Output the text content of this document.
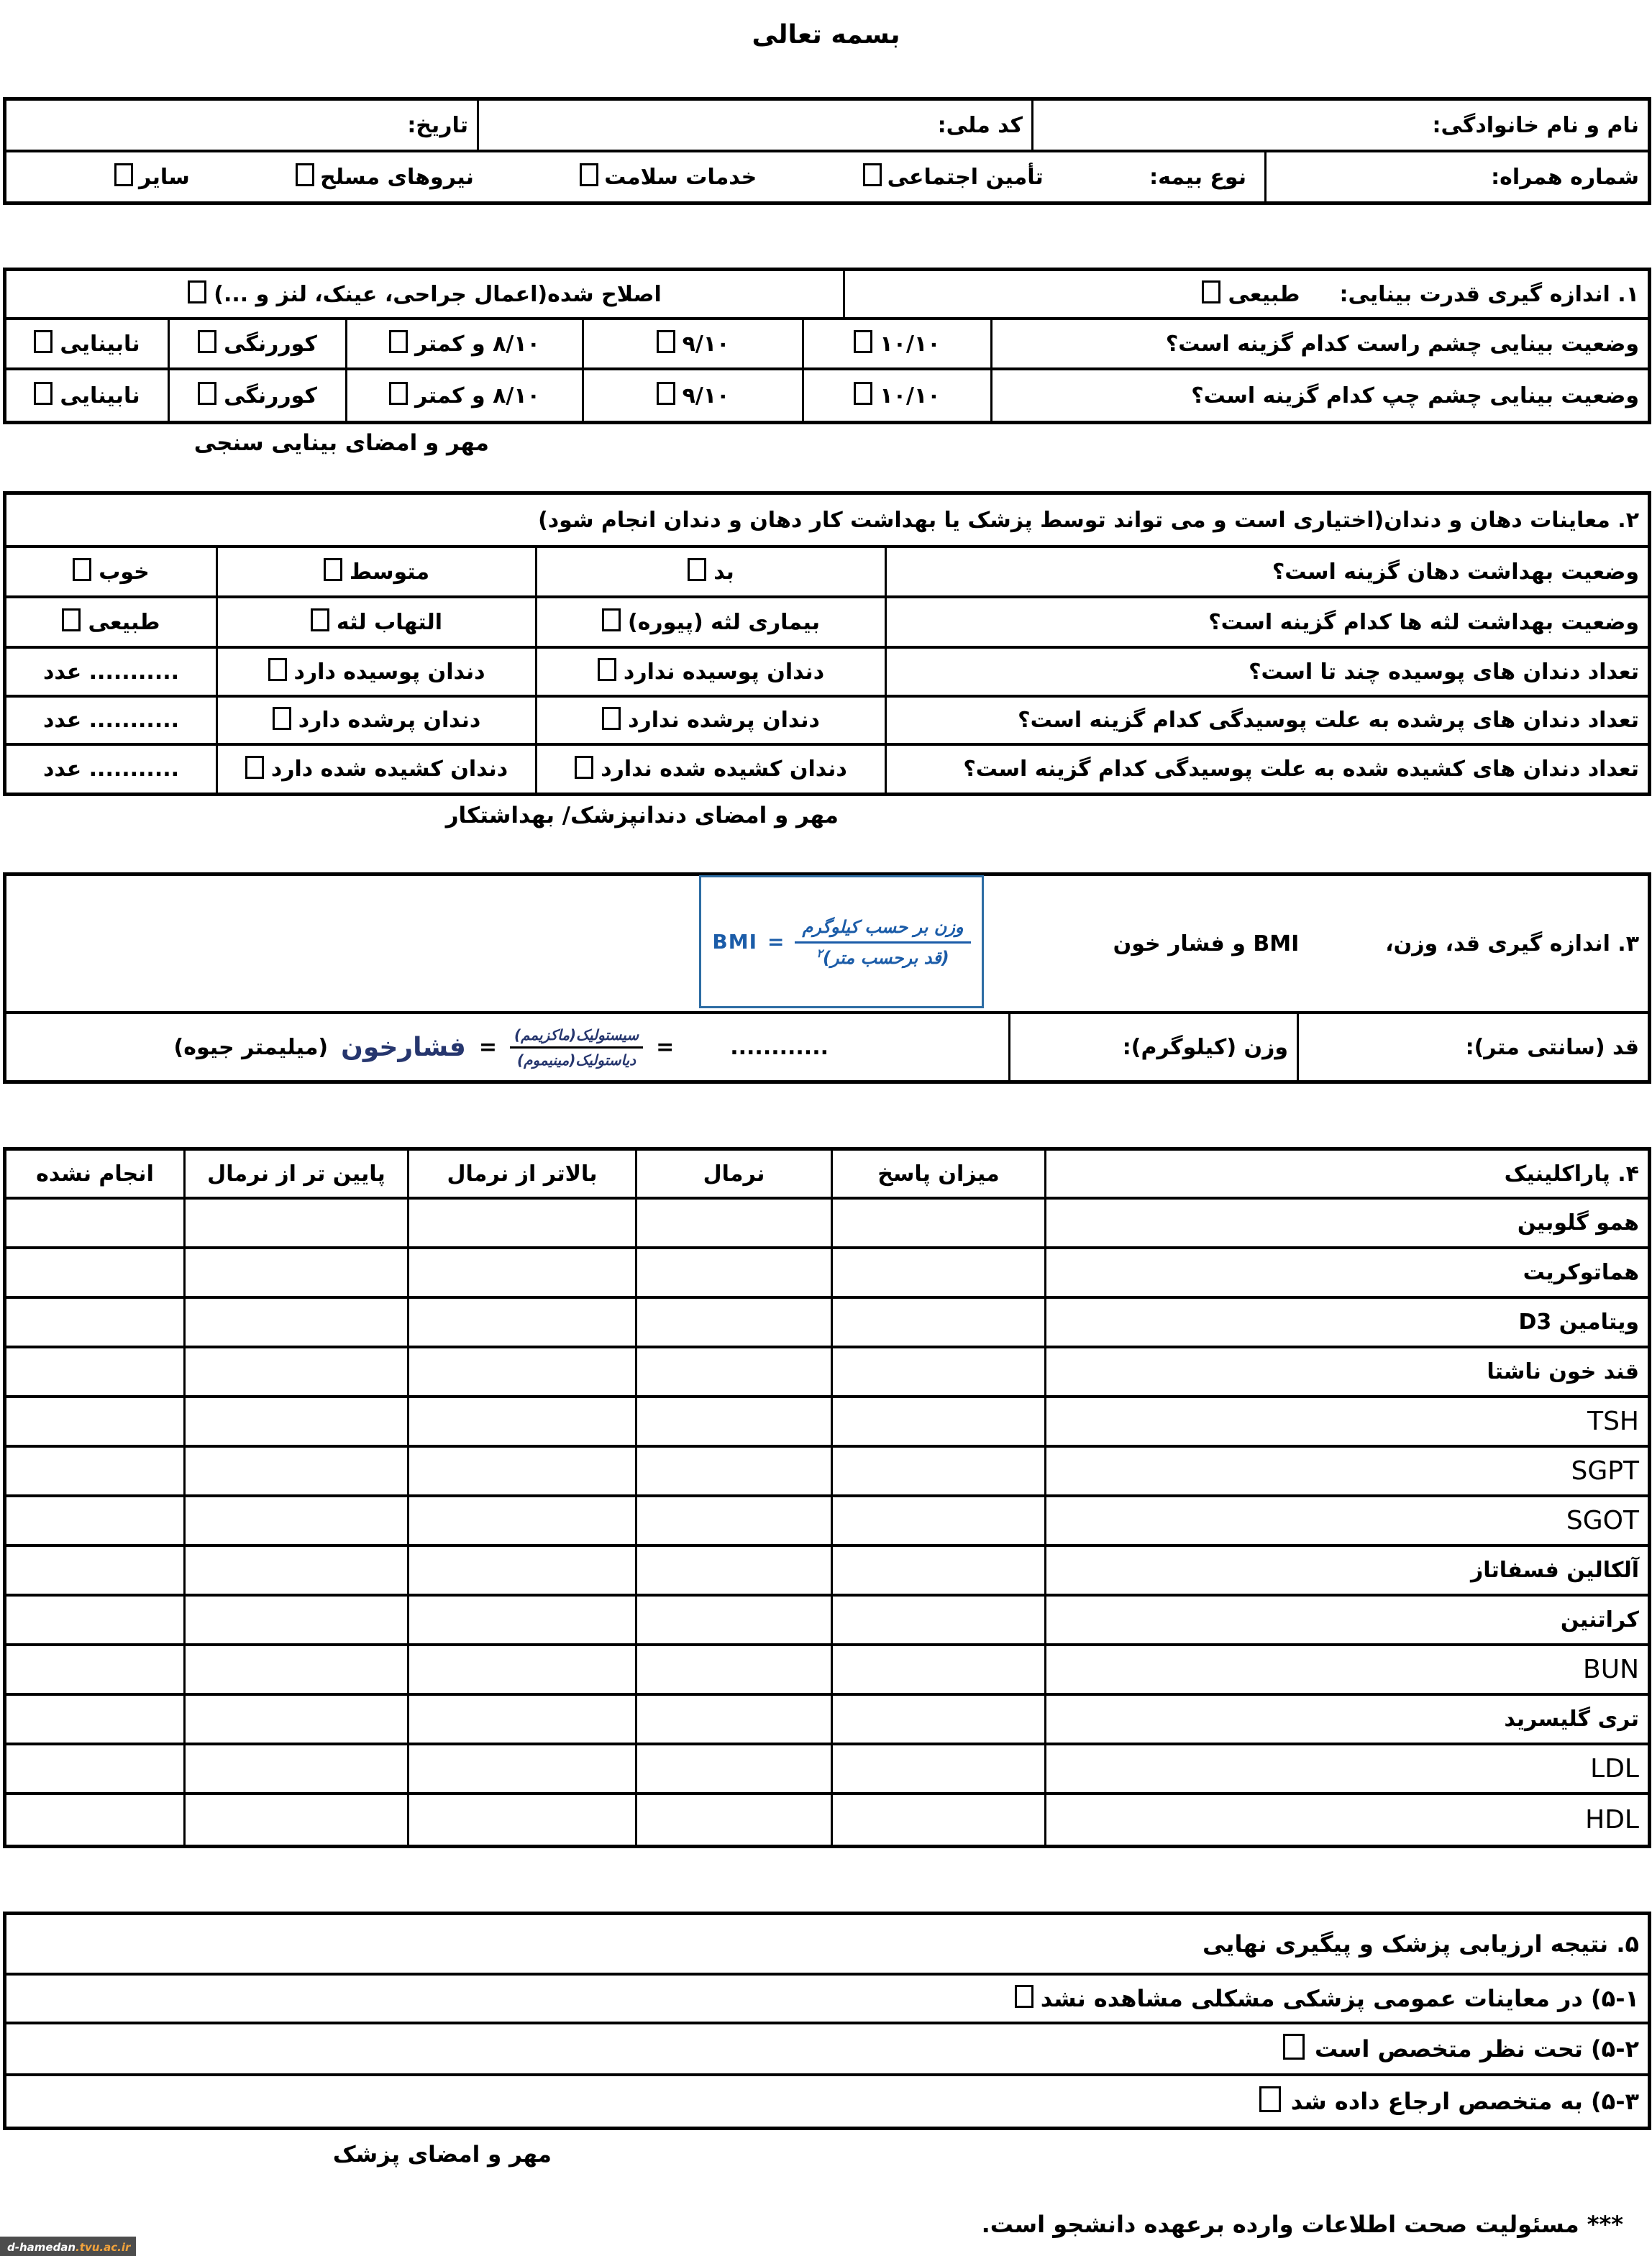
بسمه تعالی
نام و نام خانوادگی:
کد ملی:
تاریخ:
شماره همراه:
نوع بیمه:
تأمین اجتماعی
خدمات سلامت
نیروهای مسلح
سایر
۱. اندازه گیری قدرت بینایی:
طبیعی
اصلاح شده(اعمال جراحی، عینک، لنز و ...)
وضعیت بینایی چشم راست کدام گزینه است؟
۱۰/۱۰
۹/۱۰
۸/۱۰ و کمتر
کوررنگی
نابینایی
وضعیت بینایی چشم چپ کدام گزینه است؟
۱۰/۱۰
۹/۱۰
۸/۱۰ و کمتر
کوررنگی
نابینایی
مهر و امضای بینایی سنجی
۲. معاینات دهان و دندان(اختیاری است و می تواند توسط پزشک یا بهداشت کار دهان و دندان انجام شود)
وضعیت بهداشت دهان گزینه است؟
بد
متوسط
خوب
وضعیت بهداشت لثه ها کدام گزینه است؟
بیماری لثه (پیوره)
التهاب لثه
طبیعی
تعداد دندان های پوسیده چند تا است؟
دندان پوسیده ندارد
دندان پوسیده دارد
........... عدد
تعداد دندان های پرشده به علت پوسیدگی کدام گزینه است؟
دندان پرشده ندارد
دندان پرشده دارد
........... عدد
تعداد دندان های کشیده شده به علت پوسیدگی کدام گزینه است؟
دندان کشیده شده ندارد
دندان کشیده شده دارد
........... عدد
مهر و امضای دندانپزشک/ بهداشتکار
۳. اندازه گیری قد، وزن،
BMI و فشار خون
قد (سانتی متر):
وزن (کیلوگرم):
............
=
$\frac{\text{سیستولیک(ماکزیمم)}}{\text{دیاستولیک(مینیموم)}}$
=
فشارخون
(میلیمتر جیوه)
BMI = $\frac{\text{وزن بر حسب کیلوگرم}}{(قد برحسب متر)^۲}$
۴. پاراکلینیک
میزان پاسخ
نرمال
بالاتر از نرمال
پایین تر از نرمال
انجام نشده
همو گلوبین
هماتوکریت
ویتامین D3
قند خون ناشتا
TSH
SGPT
SGOT
آلکالین فسفاتاز
کراتنین
BUN
تری گلیسرید
LDL
HDL
۵. نتیجه ارزیابی پزشک و پیگیری نهایی
۵-۱) در معاینات عمومی پزشکی مشکلی مشاهده نشد
۵-۲) تحت نظر متخصص است
۵-۳) به متخصص ارجاع داده شد
مهر و امضای پزشک
*** مسئولیت صحت اطلاعات وارده برعهده دانشجو است.
d-hamedan .tvu.ac.ir
